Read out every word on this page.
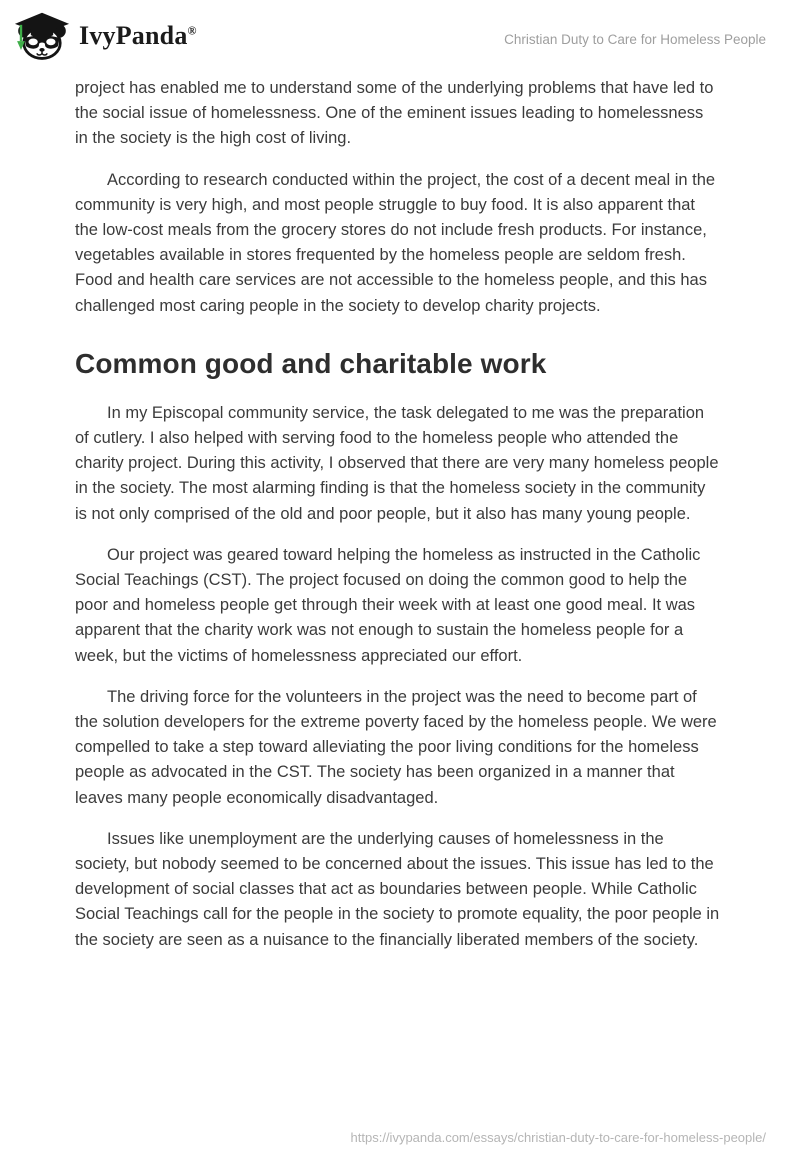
IvyPanda®
Christian Duty to Care for Homeless People

project has enabled me to understand some of the underlying problems that have led to the social issue of homelessness. One of the eminent issues leading to homelessness in the society is the high cost of living.

According to research conducted within the project, the cost of a decent meal in the community is very high, and most people struggle to buy food. It is also apparent that the low-cost meals from the grocery stores do not include fresh products. For instance, vegetables available in stores frequented by the homeless people are seldom fresh. Food and health care services are not accessible to the homeless people, and this has challenged most caring people in the society to develop charity projects.

Common good and charitable work

In my Episcopal community service, the task delegated to me was the preparation of cutlery. I also helped with serving food to the homeless people who attended the charity project. During this activity, I observed that there are very many homeless people in the society. The most alarming finding is that the homeless society in the community is not only comprised of the old and poor people, but it also has many young people.

Our project was geared toward helping the homeless as instructed in the Catholic Social Teachings (CST). The project focused on doing the common good to help the poor and homeless people get through their week with at least one good meal. It was apparent that the charity work was not enough to sustain the homeless people for a week, but the victims of homelessness appreciated our effort.

The driving force for the volunteers in the project was the need to become part of the solution developers for the extreme poverty faced by the homeless people. We were compelled to take a step toward alleviating the poor living conditions for the homeless people as advocated in the CST. The society has been organized in a manner that leaves many people economically disadvantaged.

Issues like unemployment are the underlying causes of homelessness in the society, but nobody seemed to be concerned about the issues. This issue has led to the development of social classes that act as boundaries between people. While Catholic Social Teachings call for the people in the society to promote equality, the poor people in the society are seen as a nuisance to the financially liberated members of the society.

https://ivypanda.com/essays/christian-duty-to-care-for-homeless-people/
